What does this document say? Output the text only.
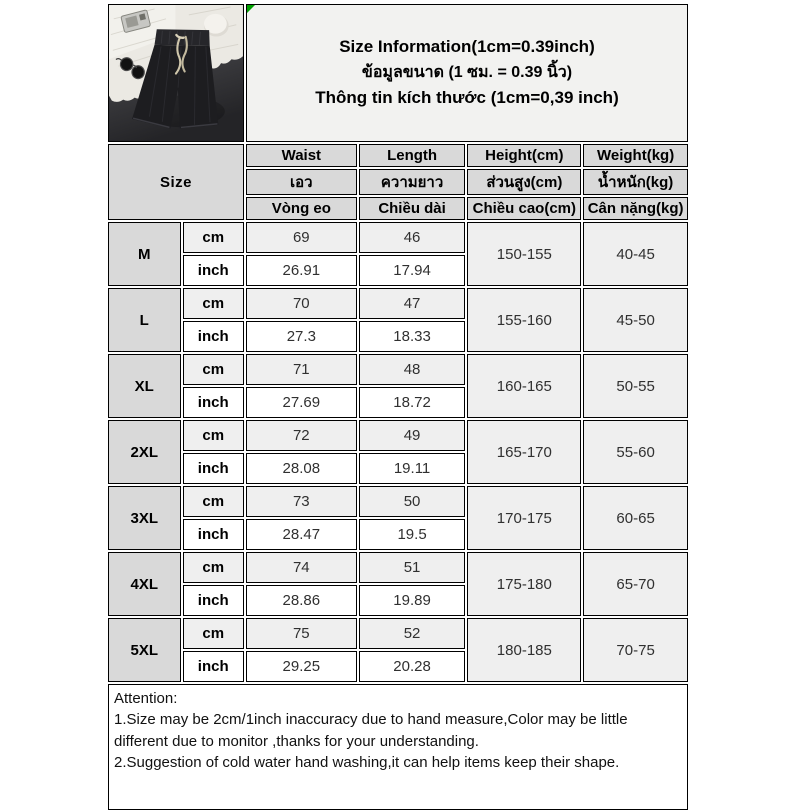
Size Information(1cm=0.39inch)
ข้อมูลขนาด (1 ซม. = 0.39 นิ้ว)
Thông tin kích thước (1cm=0,39 inch)			

Size		Waist	Length	Height(cm)	Weight(kg)
		เอว	ความยาว	ส่วนสูง(cm)	น้ำหนัก(kg)
		Vòng eo	Chiều dài	Chiều cao(cm)	Cân nặng(kg)
M	cm	69	46	150-155	40-45
	inch	26.91	17.94		
L	cm	70	47	155-160	45-50
	inch	27.3	18.33		
XL	cm	71	48	160-165	50-55
	inch	27.69	18.72		
2XL	cm	72	49	165-170	55-60
	inch	28.08	19.11		
3XL	cm	73	50	170-175	60-65
	inch	28.47	19.5		
4XL	cm	74	51	175-180	65-70
	inch	28.86	19.89		
5XL	cm	75	52	180-185	70-75
	inch	29.25	20.28		

Attention:

1.Size may be 2cm/1inch inaccuracy due to hand measure,Color may be little different due to monitor ,thanks for your understanding.

2.Suggestion of cold water hand washing,it can help items keep their shape.					
